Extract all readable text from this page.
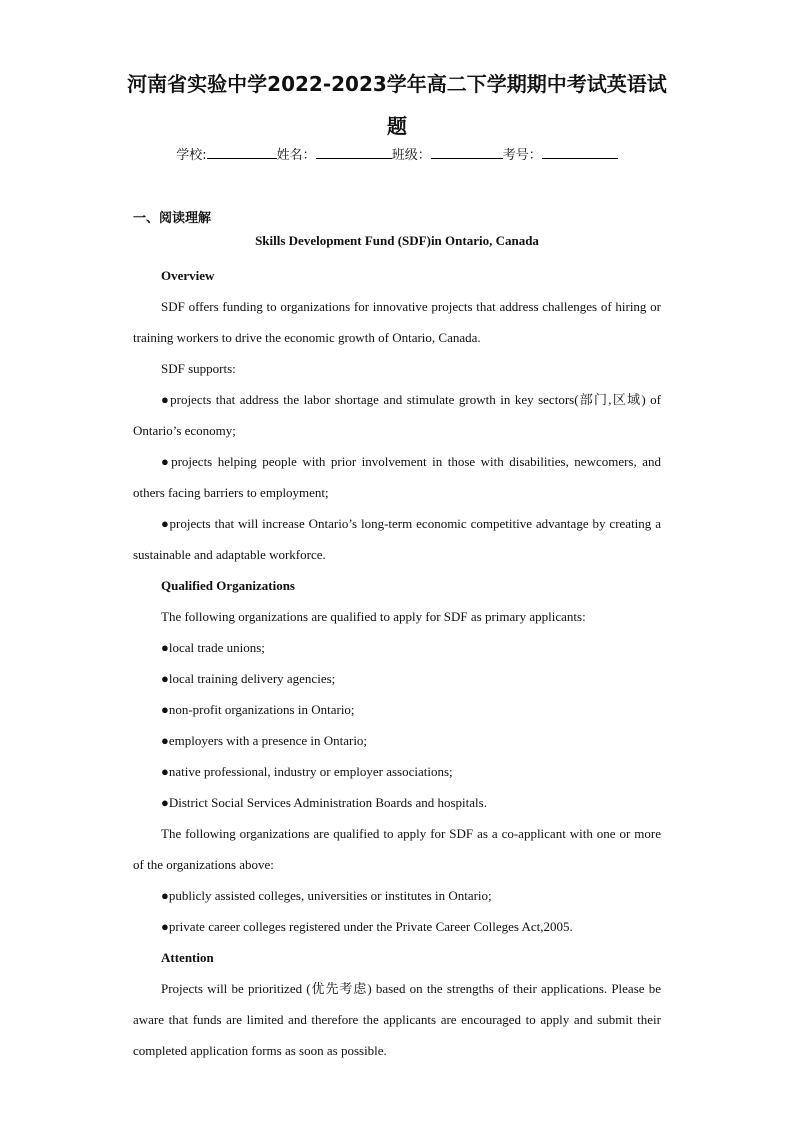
河南省实验中学2022-2023学年高二下学期期中考试英语试
题
学校:	姓名：	班级：	考号：
一、阅读理解
Skills Development Fund (SDF)in Ontario, Canada

Overview

SDF offers funding to organizations for innovative projects that address challenges of hiring or training workers to drive the economic growth of Ontario, Canada.

SDF supports:

●projects that address the labor shortage and stimulate growth in key sectors(部门,区域) of Ontario’s economy;

●projects helping people with prior involvement in those with disabilities, newcomers, and others facing barriers to employment;

●projects that will increase Ontario’s long-term economic competitive advantage by creating a sustainable and adaptable workforce.

Qualified Organizations

The following organizations are qualified to apply for SDF as primary applicants:

●local trade unions;

●local training delivery agencies;

●non-profit organizations in Ontario;

●employers with a presence in Ontario;

●native professional, industry or employer associations;

●District Social Services Administration Boards and hospitals.

The following organizations are qualified to apply for SDF as a co-applicant with one or more of the organizations above:

●publicly assisted colleges, universities or institutes in Ontario;

●private career colleges registered under the Private Career Colleges Act,2005.

Attention

Projects will be prioritized (优先考虑) based on the strengths of their applications. Please be aware that funds are limited and therefore the applicants are encouraged to apply and submit their completed application forms as soon as possible.
